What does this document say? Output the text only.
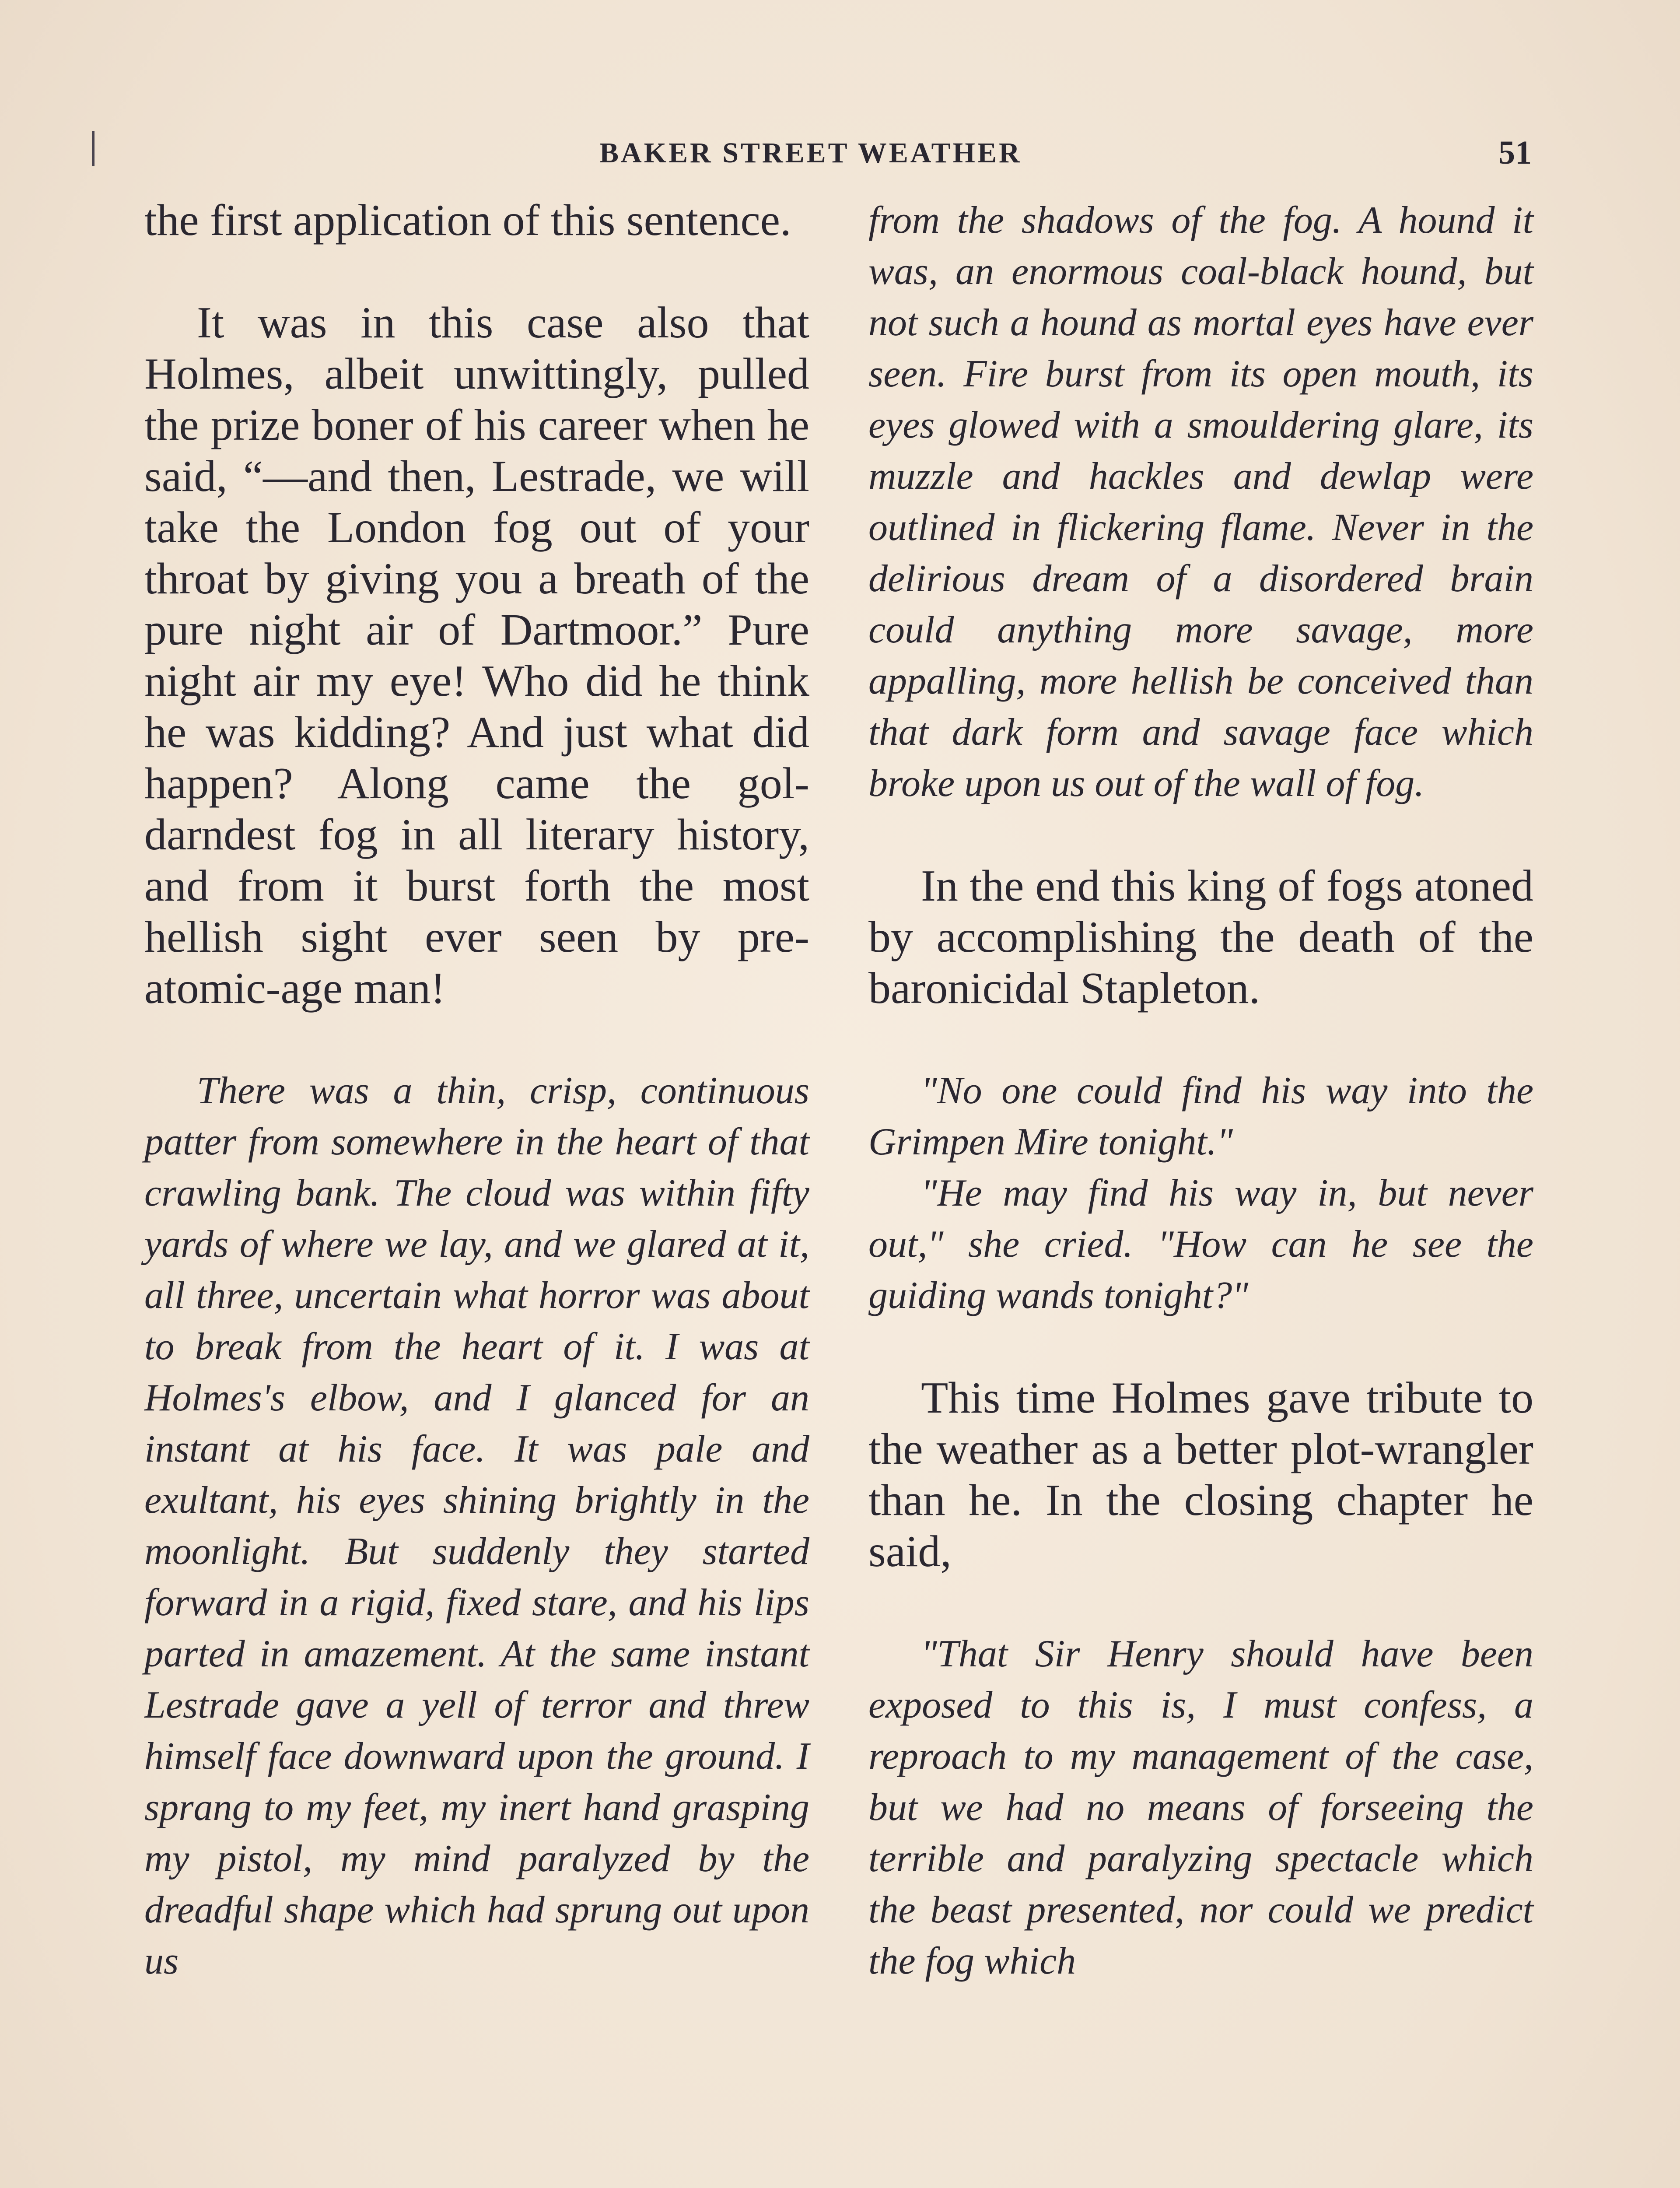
BAKER STREET WEATHER	51

the first application of this sentence.

It was in this case also that Holmes, albeit unwittingly, pulled the prize boner of his career when he said, “—and then, Lestrade, we will take the London fog out of your throat by giving you a breath of the pure night air of Dartmoor.” Pure night air my eye! Who did he think he was kidding? And just what did happen? Along came the gol-darndest fog in all literary history, and from it burst forth the most hellish sight ever seen by pre-atomic-age man!

There was a thin, crisp, continuous patter from somewhere in the heart of that crawling bank. The cloud was within fifty yards of where we lay, and we glared at it, all three, uncertain what horror was about to break from the heart of it. I was at Holmes's elbow, and I glanced for an instant at his face. It was pale and exultant, his eyes shining brightly in the moonlight. But suddenly they started forward in a rigid, fixed stare, and his lips parted in amazement. At the same instant Lestrade gave a yell of terror and threw himself face downward upon the ground. I sprang to my feet, my inert hand grasping my pistol, my mind paralyzed by the dreadful shape which had sprung out upon us

from the shadows of the fog. A hound it was, an enormous coal-black hound, but not such a hound as mortal eyes have ever seen. Fire burst from its open mouth, its eyes glowed with a smouldering glare, its muzzle and hackles and dewlap were outlined in flickering flame. Never in the delirious dream of a disordered brain could anything more savage, more appalling, more hellish be conceived than that dark form and savage face which broke upon us out of the wall of fog.

In the end this king of fogs atoned by accomplishing the death of the baronicidal Stapleton.

"No one could find his way into the Grimpen Mire tonight."

"He may find his way in, but never out," she cried. "How can he see the guiding wands tonight?"

This time Holmes gave tribute to the weather as a better plot-wrangler than he. In the closing chapter he said,

"That Sir Henry should have been exposed to this is, I must confess, a reproach to my management of the case, but we had no means of forseeing the terrible and paralyzing spectacle which the beast presented, nor could we predict the fog which
